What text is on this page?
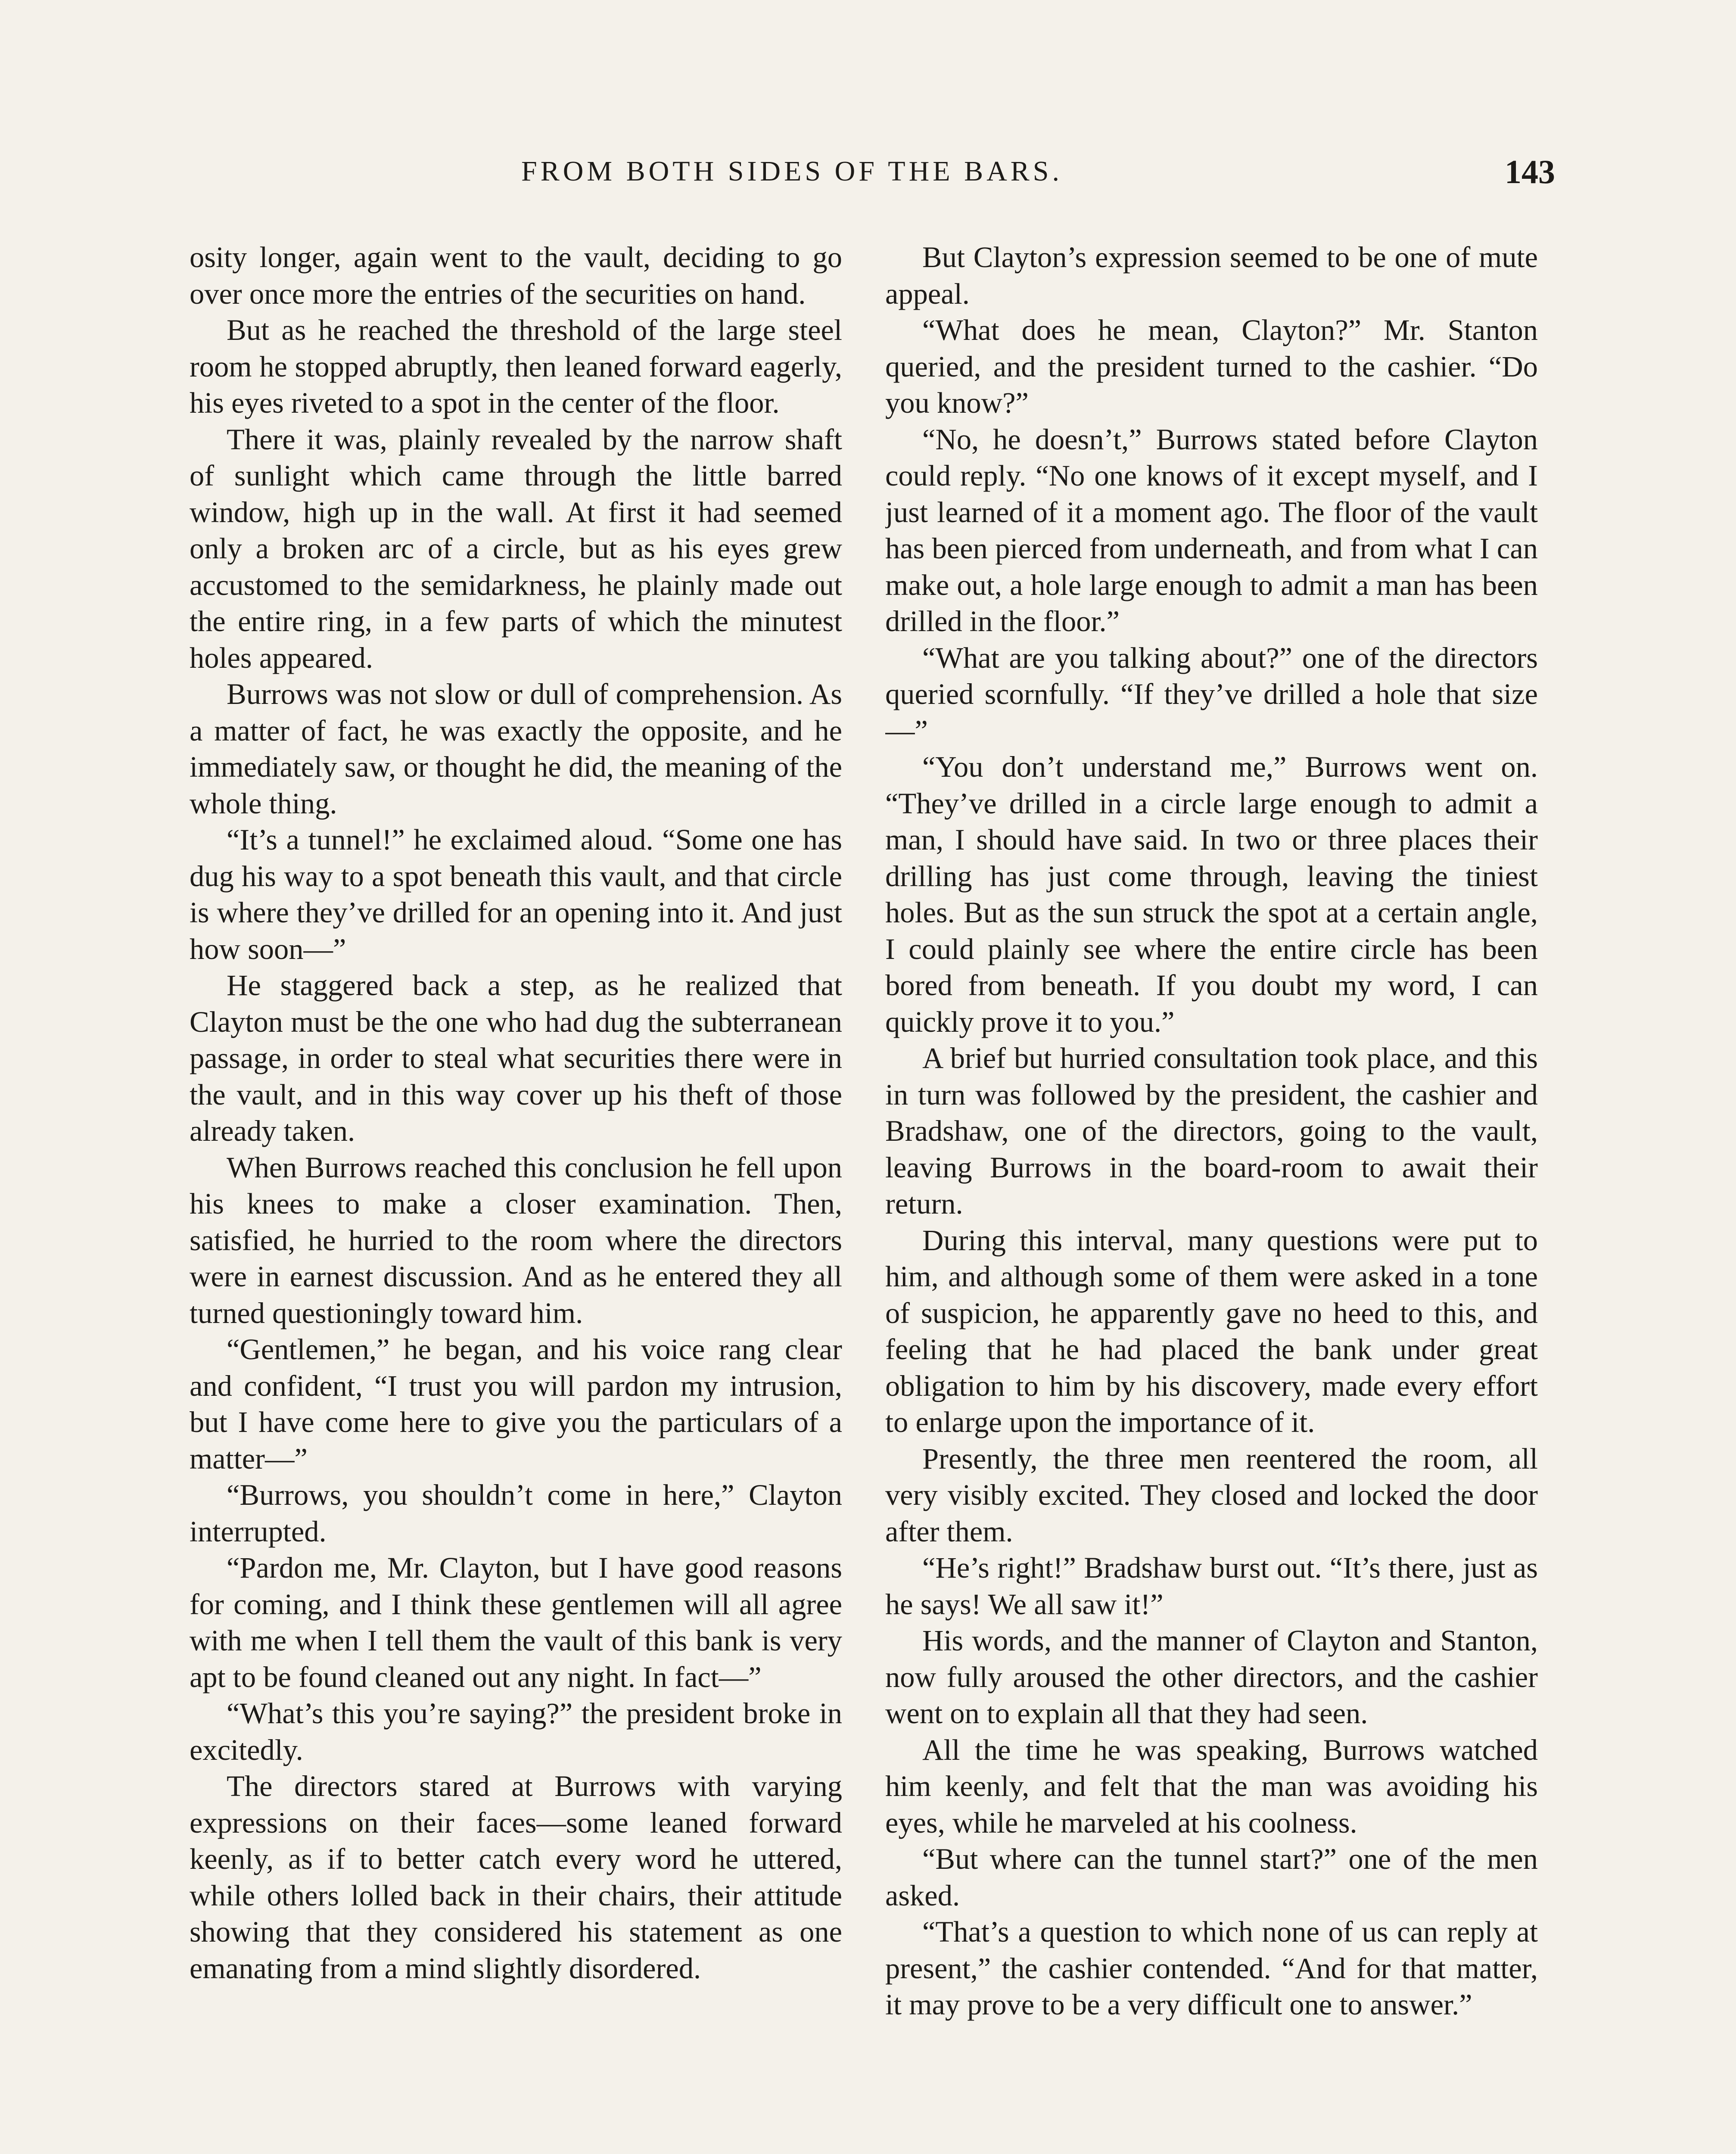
FROM BOTH SIDES OF THE BARS.	143

osity longer, again went to the vault, deciding to go over once more the entries of the securities on hand.

But as he reached the threshold of the large steel room he stopped abruptly, then leaned forward eagerly, his eyes riveted to a spot in the center of the floor.

There it was, plainly revealed by the narrow shaft of sunlight which came through the little barred window, high up in the wall. At first it had seemed only a broken arc of a circle, but as his eyes grew accustomed to the semidarkness, he plainly made out the entire ring, in a few parts of which the minutest holes appeared.

Burrows was not slow or dull of comprehension. As a matter of fact, he was exactly the opposite, and he immediately saw, or thought he did, the meaning of the whole thing.

“It’s a tunnel!” he exclaimed aloud. “Some one has dug his way to a spot beneath this vault, and that circle is where they’ve drilled for an opening into it. And just how soon—”

He staggered back a step, as he realized that Clayton must be the one who had dug the subterranean passage, in order to steal what securities there were in the vault, and in this way cover up his theft of those already taken.

When Burrows reached this conclusion he fell upon his knees to make a closer examination. Then, satisfied, he hurried to the room where the directors were in earnest discussion. And as he entered they all turned questioningly toward him.

“Gentlemen,” he began, and his voice rang clear and confident, “I trust you will pardon my intrusion, but I have come here to give you the particulars of a matter—”

“Burrows, you shouldn’t come in here,” Clayton interrupted.

“Pardon me, Mr. Clayton, but I have good reasons for coming, and I think these gentlemen will all agree with me when I tell them the vault of this bank is very apt to be found cleaned out any night. In fact—”

“What’s this you’re saying?” the president broke in excitedly.

The directors stared at Burrows with varying expressions on their faces—some leaned forward keenly, as if to better catch every word he uttered, while others lolled back in their chairs, their attitude showing that they considered his statement as one emanating from a mind slightly disordered.

But Clayton’s expression seemed to be one of mute appeal.

“What does he mean, Clayton?” Mr. Stanton queried, and the president turned to the cashier. “Do you know?”

“No, he doesn’t,” Burrows stated before Clayton could reply. “No one knows of it except myself, and I just learned of it a moment ago. The floor of the vault has been pierced from underneath, and from what I can make out, a hole large enough to admit a man has been drilled in the floor.”

“What are you talking about?” one of the directors queried scornfully. “If they’ve drilled a hole that size—”

“You don’t understand me,” Burrows went on. “They’ve drilled in a circle large enough to admit a man, I should have said. In two or three places their drilling has just come through, leaving the tiniest holes. But as the sun struck the spot at a certain angle, I could plainly see where the entire circle has been bored from beneath. If you doubt my word, I can quickly prove it to you.”

A brief but hurried consultation took place, and this in turn was followed by the president, the cashier and Bradshaw, one of the directors, going to the vault, leaving Burrows in the board-room to await their return.

During this interval, many questions were put to him, and although some of them were asked in a tone of suspicion, he apparently gave no heed to this, and feeling that he had placed the bank under great obligation to him by his discovery, made every effort to enlarge upon the importance of it.

Presently, the three men reentered the room, all very visibly excited. They closed and locked the door after them.

“He’s right!” Bradshaw burst out. “It’s there, just as he says! We all saw it!”

His words, and the manner of Clayton and Stanton, now fully aroused the other directors, and the cashier went on to explain all that they had seen.

All the time he was speaking, Burrows watched him keenly, and felt that the man was avoiding his eyes, while he marveled at his coolness.

“But where can the tunnel start?” one of the men asked.

“That’s a question to which none of us can reply at present,” the cashier contended. “And for that matter, it may prove to be a very difficult one to answer.”
